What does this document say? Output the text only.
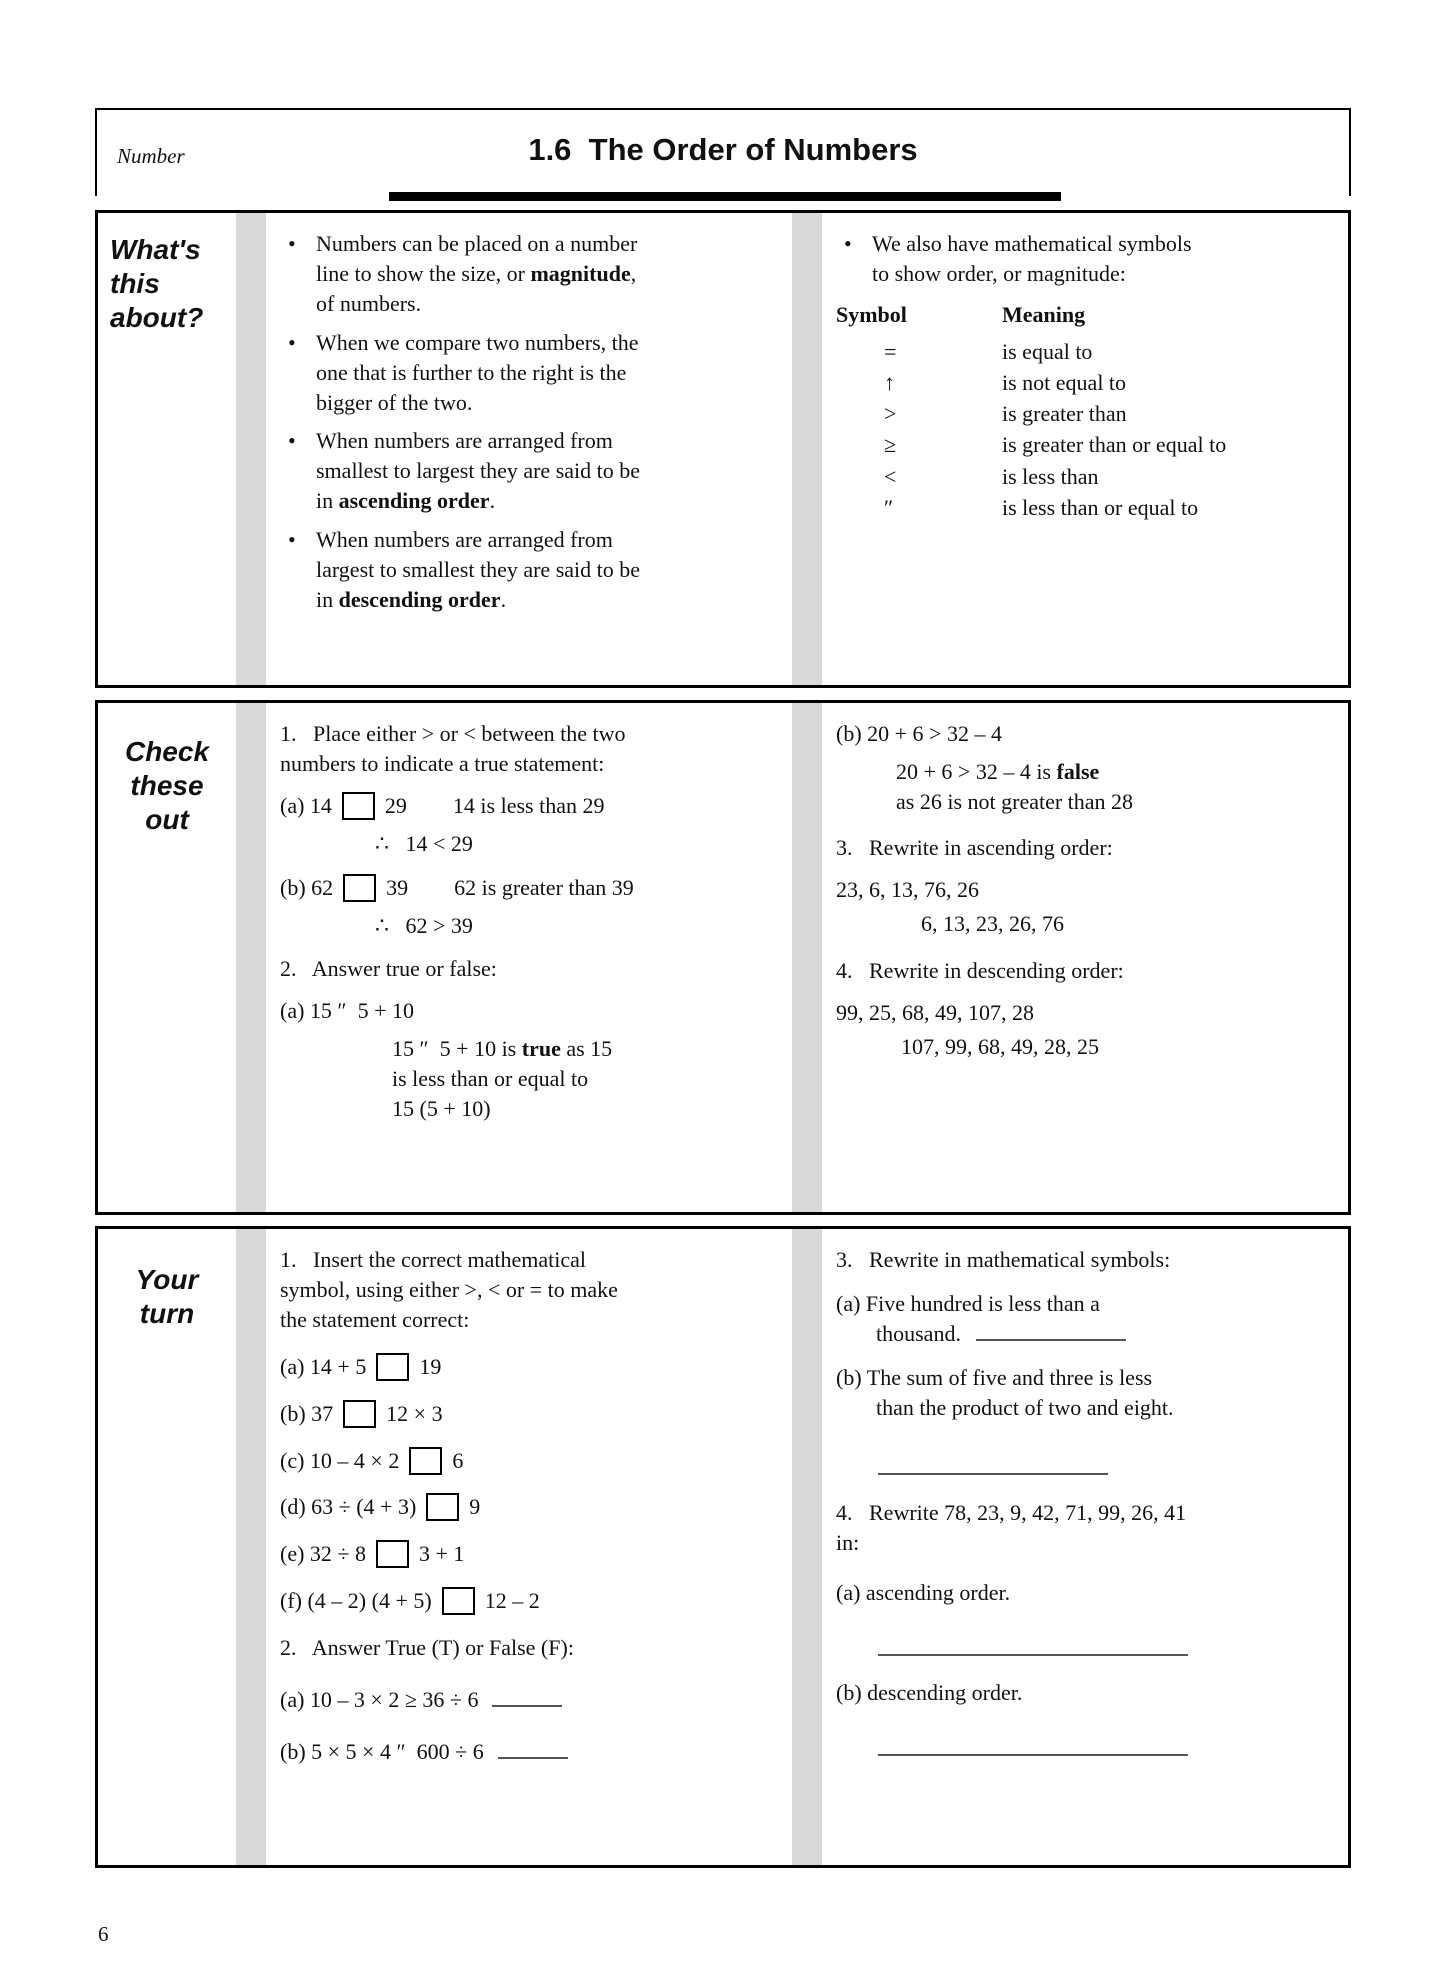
Number	1.6  The Order of Numbers
What's
this
about?
• Numbers can be placed on a number
line to show the size, or magnitude,
of numbers.
• When we compare two numbers, the
one that is further to the right is the
bigger of the two.
• When numbers are arranged from
smallest to largest they are said to be
in ascending order.
• When numbers are arranged from
largest to smallest they are said to be
in descending order.
• We also have mathematical symbols
to show order, or magnitude:
Symbol	Meaning
=	is equal to
↑	is not equal to
>	is greater than
≥	is greater than or equal to
<	is less than
″	is less than or equal to
Check
these
out

1.   Place either > or < between the two
numbers to indicate a true statement:

(a) 14 29 14 is less than 29

∴   14 < 29

(b) 62 39 62 is greater than 39

∴   62 > 39

2.   Answer true or false:

(a) 15 ″  5 + 10

15 ″  5 + 10 is true as 15
is less than or equal to
15 (5 + 10)

(b) 20 + 6 > 32 – 4

20 + 6 > 32 – 4 is false
as 26 is not greater than 28

3.   Rewrite in ascending order:

23, 6, 13, 76, 26

6, 13, 23, 26, 76

4.   Rewrite in descending order:

99, 25, 68, 49, 107, 28

107, 99, 68, 49, 28, 25

Your
turn

1.   Insert the correct mathematical
symbol, using either >, < or = to make
the statement correct:

(a) 14 + 5 19

(b) 37 12 × 3

(c) 10 – 4 × 2 6

(d) 63 ÷ (4 + 3) 9

(e) 32 ÷ 8 3 + 1

(f) (4 – 2) (4 + 5) 12 – 2

2.   Answer True (T) or False (F):

(a) 10 – 3 × 2 ≥ 36 ÷ 6

(b) 5 × 5 × 4 ″  600 ÷ 6

3.   Rewrite in mathematical symbols:

(a) Five hundred is less than a
thousand.

(b) The sum of five and three is less
than the product of two and eight.

4.   Rewrite 78, 23, 9, 42, 71, 99, 26, 41
in:

(a) ascending order.

(b) descending order.

6
